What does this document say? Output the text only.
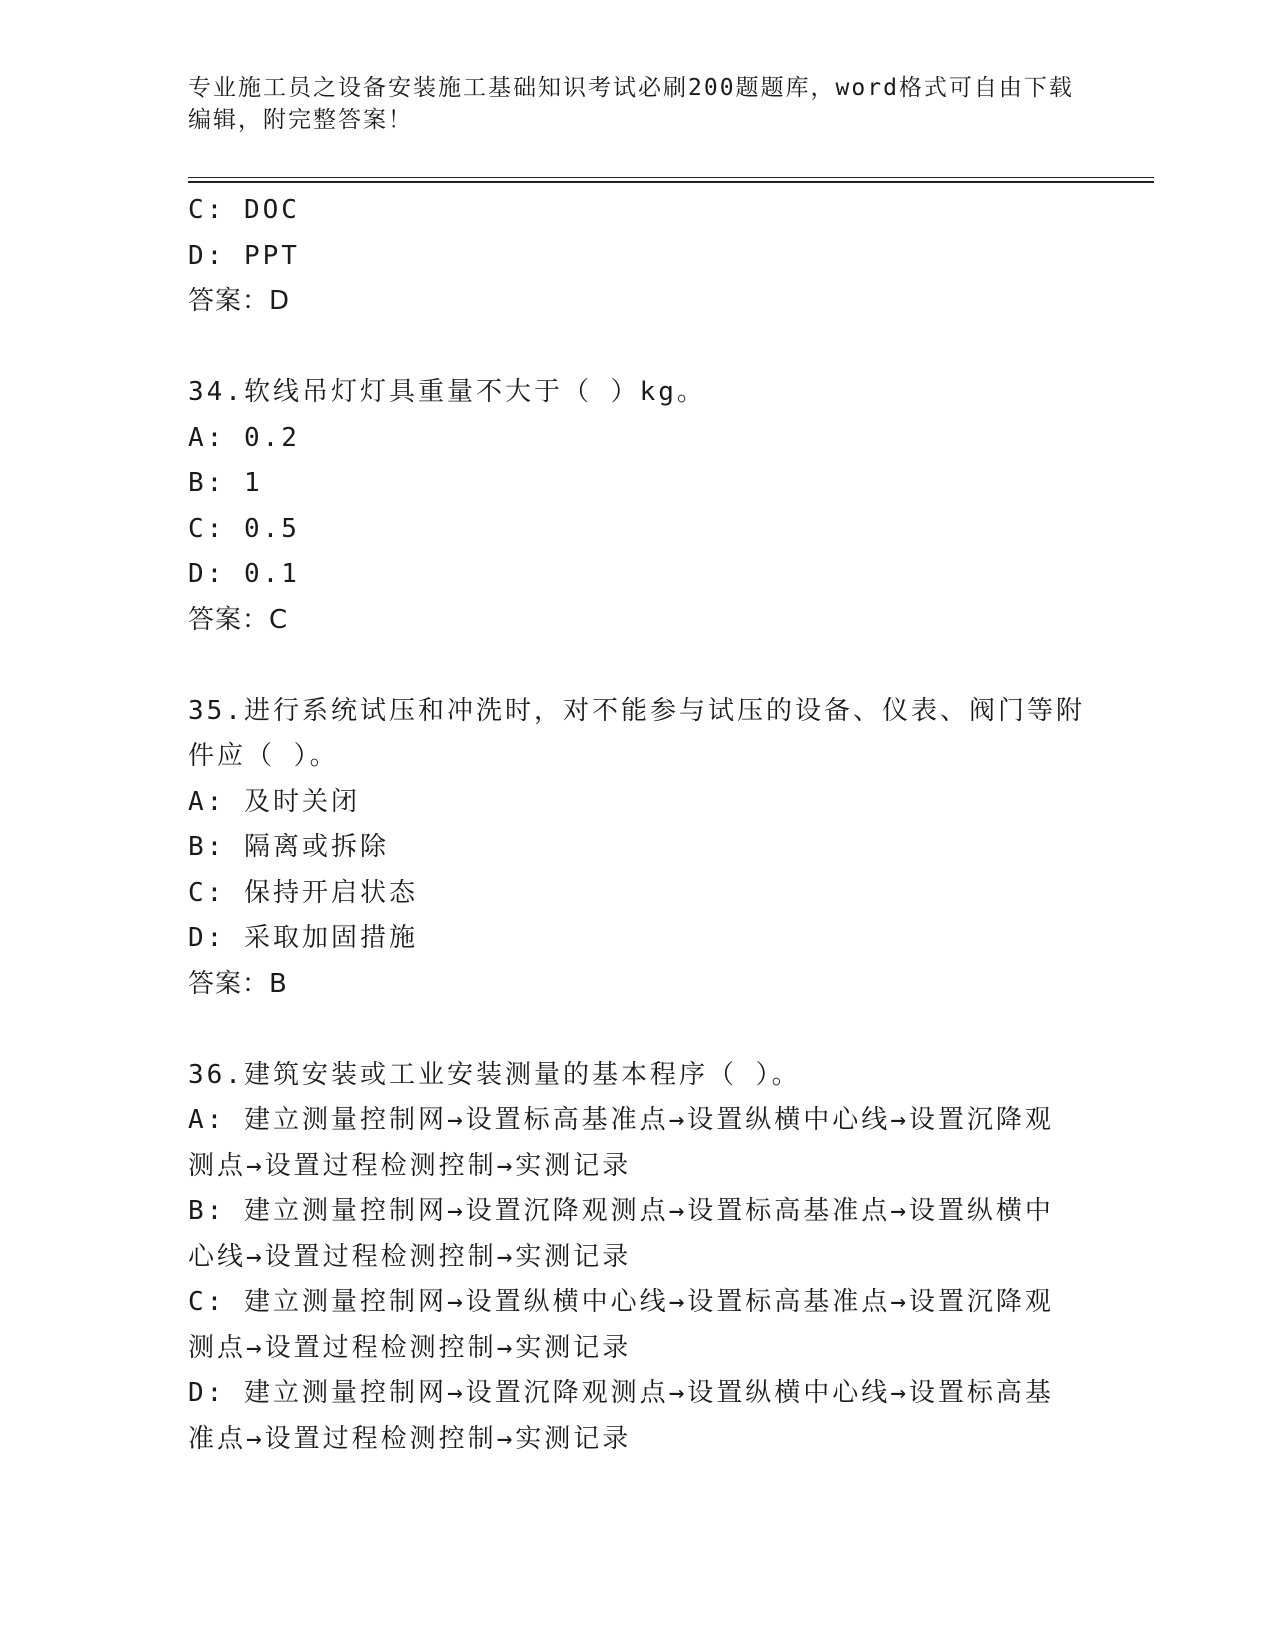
专业施工员之设备安装施工基础知识考试必刷200题题库，word格式可自由下载
编辑，附完整答案！

C: DOC

D: PPT

答案：D

34.软线吊灯灯具重量不大于（ ）kg。

A: 0.2

B: 1

C: 0.5

D: 0.1

答案：C

35.进行系统试压和冲洗时，对不能参与试压的设备、仪表、阀门等附

件应（ ）。

A: 及时关闭

B: 隔离或拆除

C: 保持开启状态

D: 采取加固措施

答案：B

36.建筑安装或工业安装测量的基本程序（ ）。

A: 建立测量控制网→设置标高基准点→设置纵横中心线→设置沉降观

测点→设置过程检测控制→实测记录

B: 建立测量控制网→设置沉降观测点→设置标高基准点→设置纵横中

心线→设置过程检测控制→实测记录

C: 建立测量控制网→设置纵横中心线→设置标高基准点→设置沉降观

测点→设置过程检测控制→实测记录

D: 建立测量控制网→设置沉降观测点→设置纵横中心线→设置标高基

准点→设置过程检测控制→实测记录
